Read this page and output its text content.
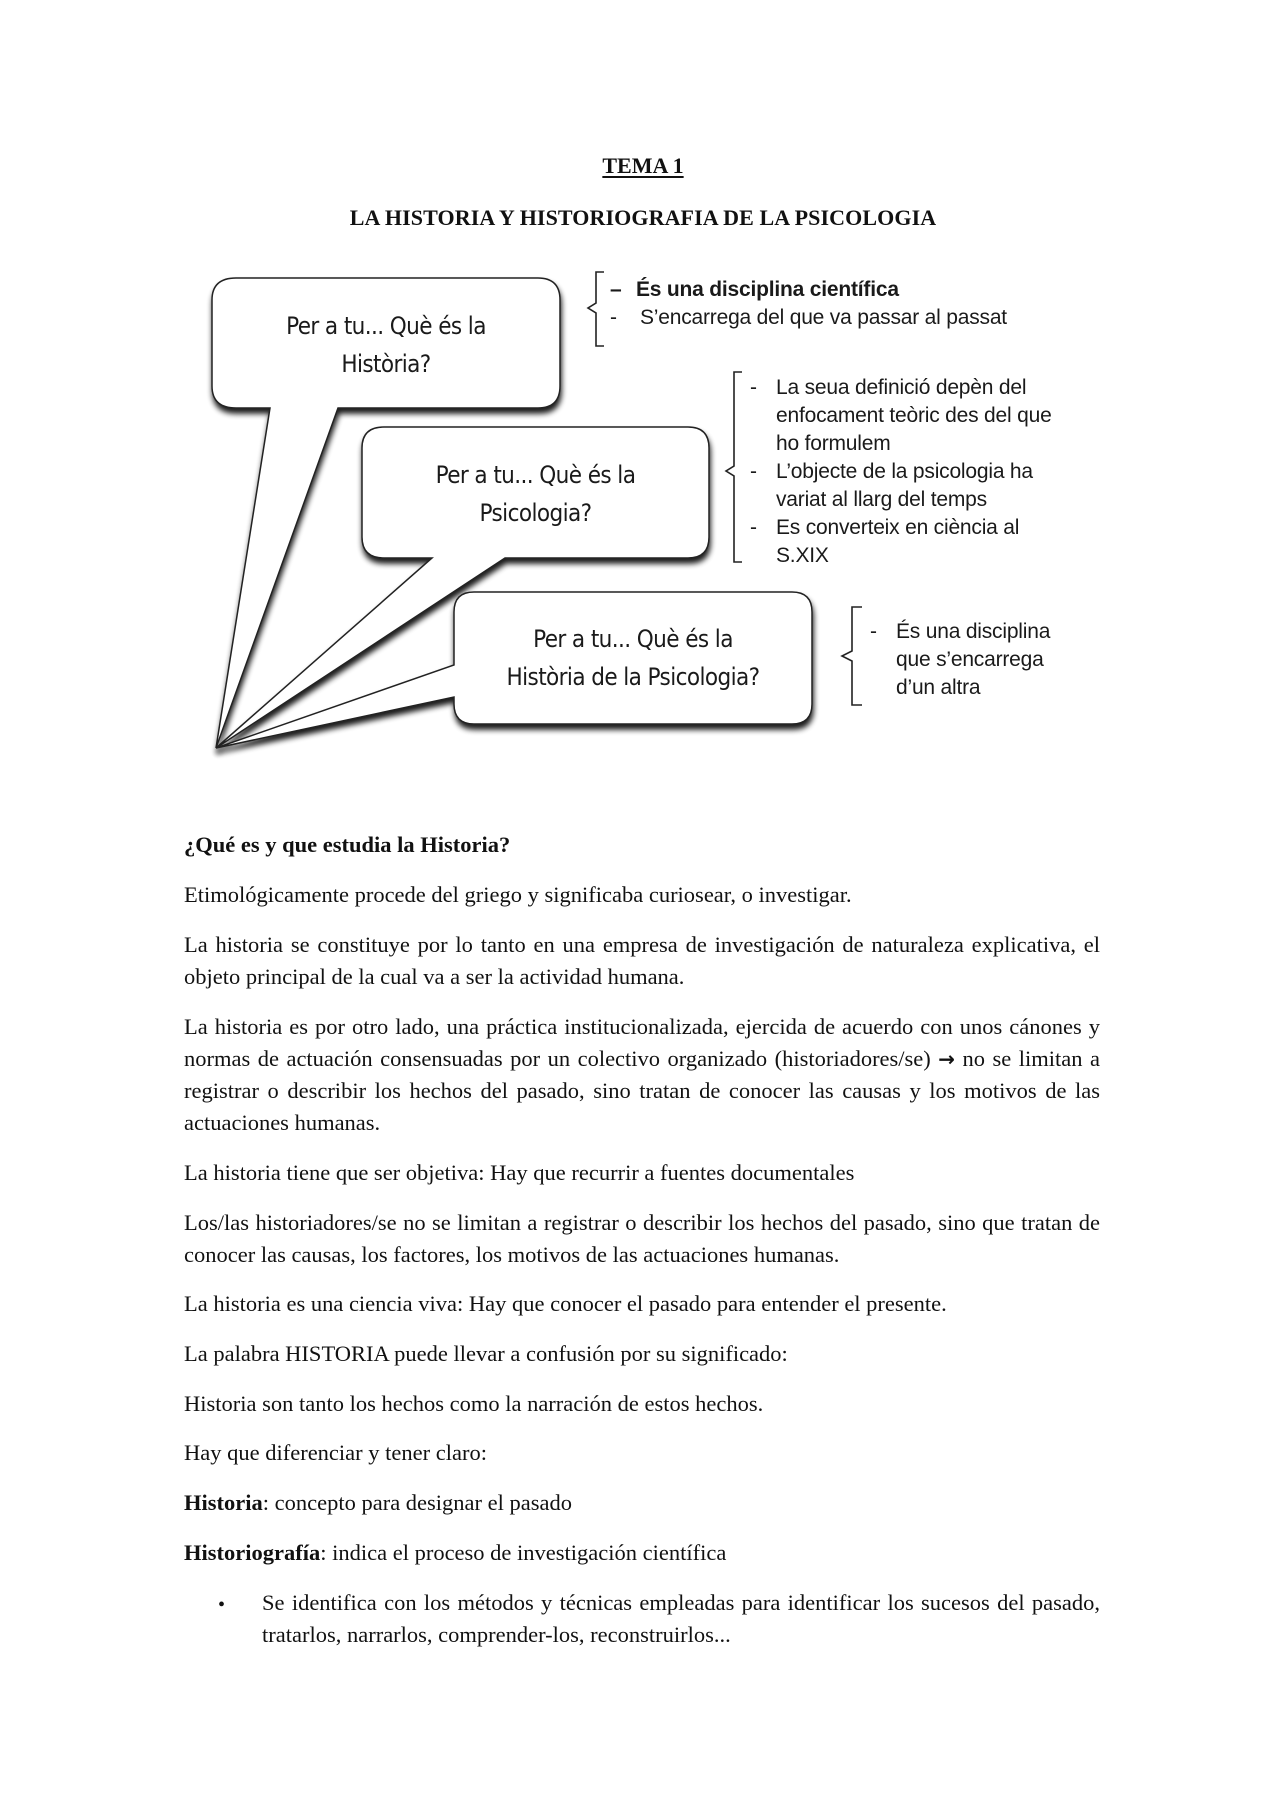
TEMA 1
LA HISTORIA Y HISTORIOGRAFIA DE LA PSICOLOGIA
Per a tu... Què és la
Història?
Per a tu... Què és la
Psicologia?
Per a tu... Què és la
Història de la Psicologia?
– És una disciplina científica
- S’encarrega del que va passar al passat
- La seua definició depèn del
enfocament teòric des del que
ho formulem
- L’objecte de la psicologia ha
variat al llarg del temps
- Es converteix en ciència al
S.XIX
- És una disciplina
que s’encarrega
d’un altra

¿Qué es y que estudia la Historia?

Etimológicamente procede del griego y significaba curiosear, o investigar.

La historia se constituye por lo tanto en una empresa de investigación de naturaleza explicativa, el objeto principal de la cual va a ser la actividad humana.

La historia es por otro lado, una práctica institucionalizada, ejercida de acuerdo con unos cánones y normas de actuación consensuadas por un colectivo organizado (historiadores/se) → no se limitan a registrar o describir los hechos del pasado, sino tratan de conocer las causas y los motivos de las actuaciones humanas.

La historia tiene que ser objetiva: Hay que recurrir a fuentes documentales

Los/las historiadores/se no se limitan a registrar o describir los hechos del pasado, sino que tratan de conocer las causas, los factores, los motivos de las actuaciones humanas.

La historia es una ciencia viva: Hay que conocer el pasado para entender el presente.

La palabra HISTORIA puede llevar a confusión por su significado:

Historia son tanto los hechos como la narración de estos hechos.

Hay que diferenciar y tener claro:

Historia: concepto para designar el pasado

Historiografía: indica el proceso de investigación científica

• Se identifica con los métodos y técnicas empleadas para identificar los sucesos del pasado, tratarlos, narrarlos, comprender-los, reconstruirlos...
